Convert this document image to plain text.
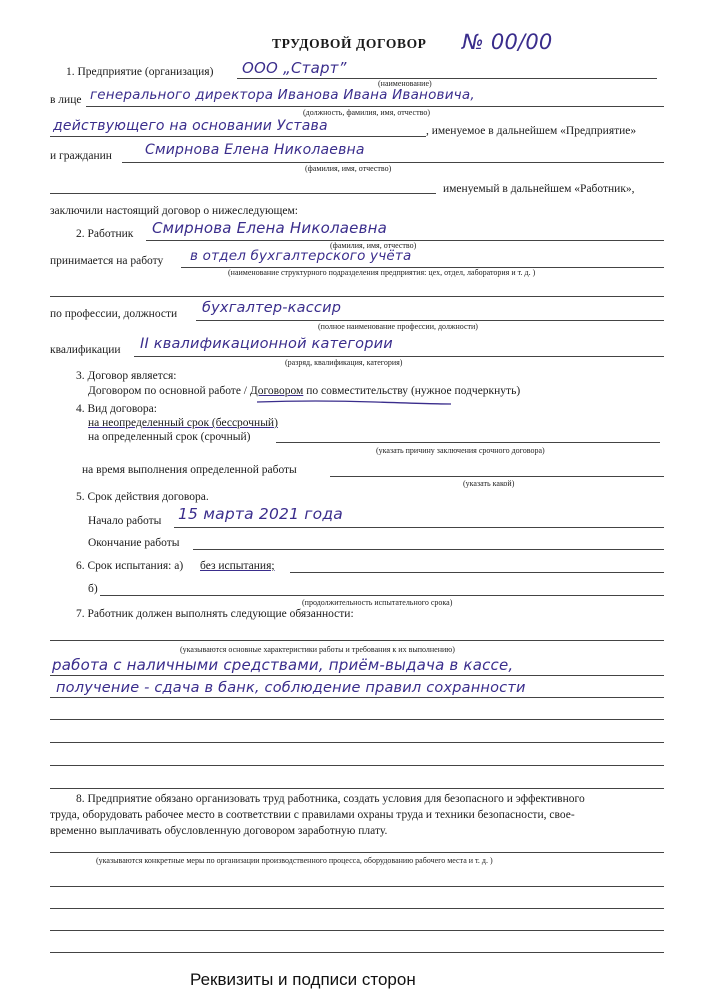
ТРУДОВОЙ ДОГОВОР № 00/00
1. Предприятие (организация) ООО „Старт”
(наименование)
в лице генерального директора Иванова Ивана Ивановича,
(должность, фамилия, имя, отчество)
действующего на основании Устава	, именуемое в дальнейшем «Предприятие»
и гражданин Смирнова Елена Николаевна
(фамилия, имя, отчество)
именуемый в дальнейшем «Работник»,
заключили настоящий договор о нижеследующем:
2. Работник Смирнова Елена Николаевна
(фамилия, имя, отчество)
принимается на работу в отдел бухгалтерского учёта
(наименование структурного подразделения предприятия: цех, отдел, лаборатория и т. д. )
по профессии, должности бухгалтер-кассир
(полное наименование профессии, должности)
квалификации II квалификационной категории
(разряд, квалификация, категория)
3. Договор является:
Договором по основной работе / Договором по совместительству (нужное подчеркнуть)
4. Вид договора:
на неопределенный срок (бессрочный)
на определенный срок (срочный)
(указать причину заключения срочного договора)
на время выполнения определенной работы
(указать какой)
5. Срок действия договора.
Начало работы 15 марта 2021 года
Окончание работы
6. Срок испытания: а) без испытания;
б)
(продолжительность испытательного срока)
7. Работник должен выполнять следующие обязанности:
(указываются основные характеристики работы и требования к их выполнению)
работа с наличными средствами, приём-выдача в кассе,
получение - сдача в банк, соблюдение правил сохранности
8. Предприятие обязано организовать труд работника, создать условия для безопасного и эффективного
труда, оборудовать рабочее место в соответствии с правилами охраны труда и техники безопасности, свое-
временно выплачивать обусловленную договором заработную плату.
(указываются конкретные меры по организации производственного процесса, оборудованию рабочего места и т. д. )
Реквизиты и подписи сторон
